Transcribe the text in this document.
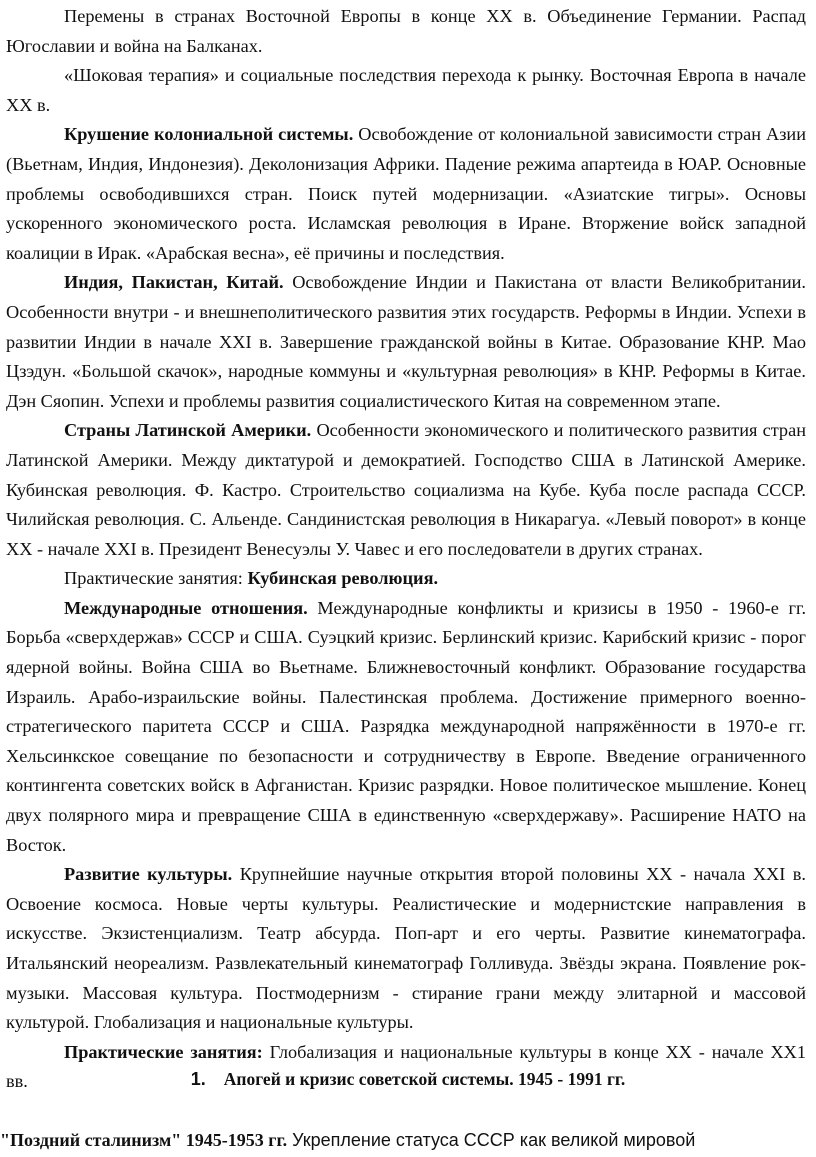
Перемены в странах Восточной Европы в конце XX в. Объединение Германии. Распад Югославии и война на Балканах.

«Шоковая терапия» и социальные последствия перехода к рынку. Восточная Европа в начале XX в.

Крушение колониальной системы. Освобождение от колониальной зависимости стран Азии (Вьетнам, Индия, Индонезия). Деколонизация Африки. Падение режима апартеида в ЮАР. Основные проблемы освободившихся стран. Поиск путей модернизации. «Азиатские тигры». Основы ускоренного экономического роста. Исламская революция в Иране. Вторжение войск западной коалиции в Ирак. «Арабская весна», её причины и последствия.

Индия, Пакистан, Китай. Освобождение Индии и Пакистана от власти Великобритании. Особенности внутри - и внешнеполитического развития этих государств. Реформы в Индии. Успехи в развитии Индии в начале XXI в. Завершение гражданской войны в Китае. Образование КНР. Мао Цзэдун. «Большой скачок», народные коммуны и «культурная революция» в КНР. Реформы в Китае. Дэн Сяопин. Успехи и проблемы развития социалистического Китая на современном этапе.

Страны Латинской Америки. Особенности экономического и политического развития стран Латинской Америки. Между диктатурой и демократией. Господство США в Латинской Америке. Кубинская революция. Ф. Кастро. Строительство социализма на Кубе. Куба после распада СССР. Чилийская революция. С. Альенде. Сандинистская революция в Никарагуа. «Левый поворот» в конце XX - начале XXI в. Президент Венесуэлы У. Чавес и его последователи в других странах.

Практические занятия: Кубинская революция.

Международные отношения. Международные конфликты и кризисы в 1950 - 1960-е гг. Борьба «сверхдержав» СССР и США. Суэцкий кризис. Берлинский кризис. Карибский кризис - порог ядерной войны. Война США во Вьетнаме. Ближневосточный конфликт. Образование государства Израиль. Арабо-израильские войны. Палестинская проблема. Достижение примерного военно-стратегического паритета СССР и США. Разрядка международной напряжённости в 1970-е гг. Хельсинкское совещание по безопасности и сотрудничеству в Европе. Введение ограниченного контингента советских войск в Афганистан. Кризис разрядки. Новое политическое мышление. Конец двух полярного мира и превращение США в единственную «сверхдержаву». Расширение НАТО на Восток.

Развитие культуры. Крупнейшие научные открытия второй половины XX - начала XXI в. Освоение космоса. Новые черты культуры. Реалистические и модернистские направления в искусстве. Экзистенциализм. Театр абсурда. Поп-арт и его черты. Развитие кинематографа. Итальянский неореализм. Развлекательный кинематограф Голливуда. Звёзды экрана. Появление рок-музыки. Массовая культура. Постмодернизм - стирание грани между элитарной и массовой культурой. Глобализация и национальные культуры.

Практические занятия: Глобализация и национальные культуры в конце XX - начале XX1 вв.	1. Апогей и кризис советской системы. 1945 - 1991 гг.

"Поздний сталинизм" 1945-1953 гг. Укрепление статуса СССР как великой мировой
